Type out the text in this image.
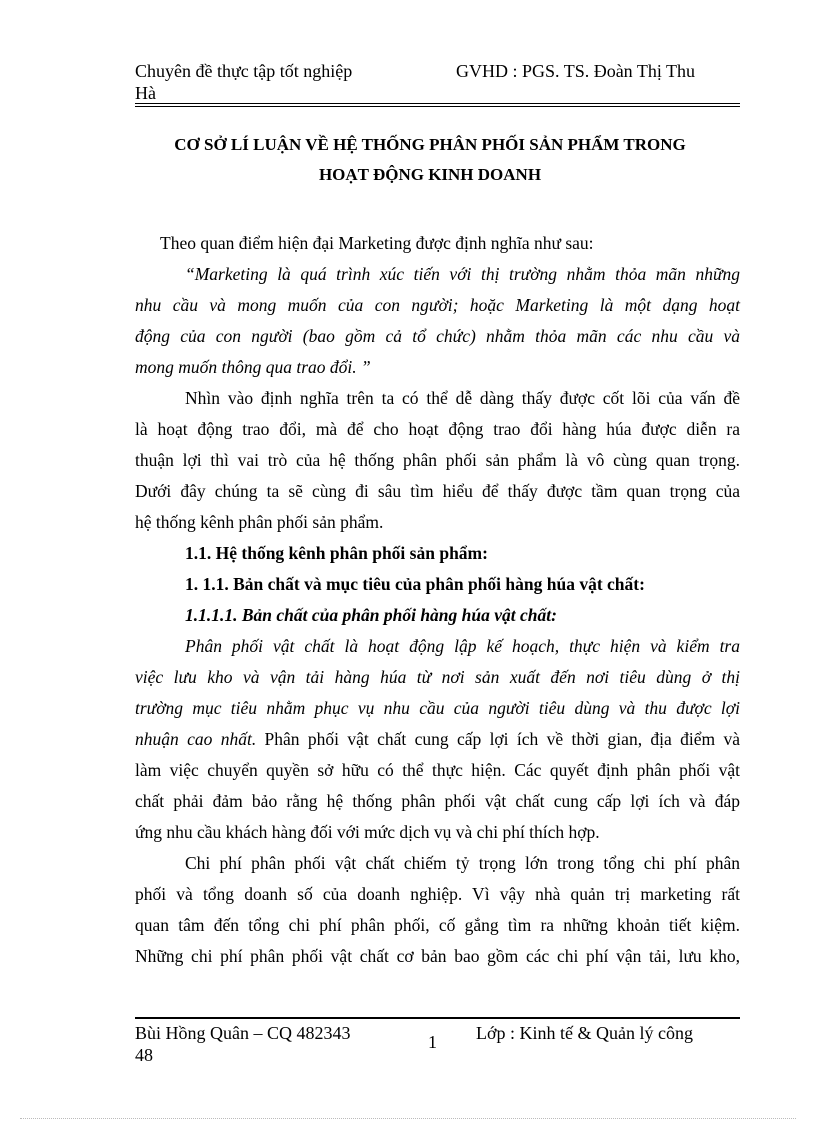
Chuyên đề thực tập tốt nghiệp
Hà
GVHD : PGS. TS. Đoàn Thị Thu
CƠ SỞ LÍ LUẬN VỀ HỆ THỐNG PHÂN PHỐI SẢN PHẨM TRONG
HOẠT ĐỘNG KINH DOANH
Theo quan điểm hiện đại Marketing được định nghĩa như sau:
“Marketing là quá trình xúc tiến với thị trường nhằm thỏa mãn những
nhu cầu và mong muốn của con người; hoặc Marketing là một dạng hoạt
động của con người (bao gồm cả tổ chức) nhằm thỏa mãn các nhu cầu và
mong muốn thông qua trao đổi. ”
Nhìn vào định nghĩa trên ta có thể dễ dàng thấy được cốt lõi của vấn đề
là hoạt động trao đổi, mà để cho hoạt động trao đổi hàng húa được diễn ra
thuận lợi thì vai trò của hệ thống phân phối sản phẩm là vô cùng quan trọng.
Dưới đây chúng ta sẽ cùng đi sâu tìm hiểu để thấy được tầm quan trọng của
hệ thống kênh phân phối sản phẩm.
1.1. Hệ thống kênh phân phối sản phẩm:
1. 1.1. Bản chất và mục tiêu của phân phối hàng húa vật chất:
1.1.1.1. Bản chất của phân phối hàng húa vật chất:
Phân phối vật chất là hoạt động lập kế hoạch, thực hiện và kiểm tra
việc lưu kho và vận tải hàng húa từ nơi sản xuất đến nơi tiêu dùng ở thị
trường mục tiêu nhằm phục vụ nhu cầu của người tiêu dùng và thu được lợi
nhuận cao nhất. Phân phối vật chất cung cấp lợi ích về thời gian, địa điểm và
làm việc chuyển quyền sở hữu có thể thực hiện. Các quyết định phân phối vật
chất phải đảm bảo rằng hệ thống phân phối vật chất cung cấp lợi ích và đáp
ứng nhu cầu khách hàng đối với mức dịch vụ và chi phí thích hợp.
Chi phí phân phối vật chất chiếm tỷ trọng lớn trong tổng chi phí phân
phối và tổng doanh số của doanh nghiệp. Vì vậy nhà quản trị marketing rất
quan tâm đến tổng chi phí phân phối, cố gắng tìm ra những khoản tiết kiệm.
Những chi phí phân phối vật chất cơ bản bao gồm các chi phí vận tải, lưu kho,
Bùi Hồng Quân – CQ 482343
48
1 Lớp : Kinh tế & Quản lý công
